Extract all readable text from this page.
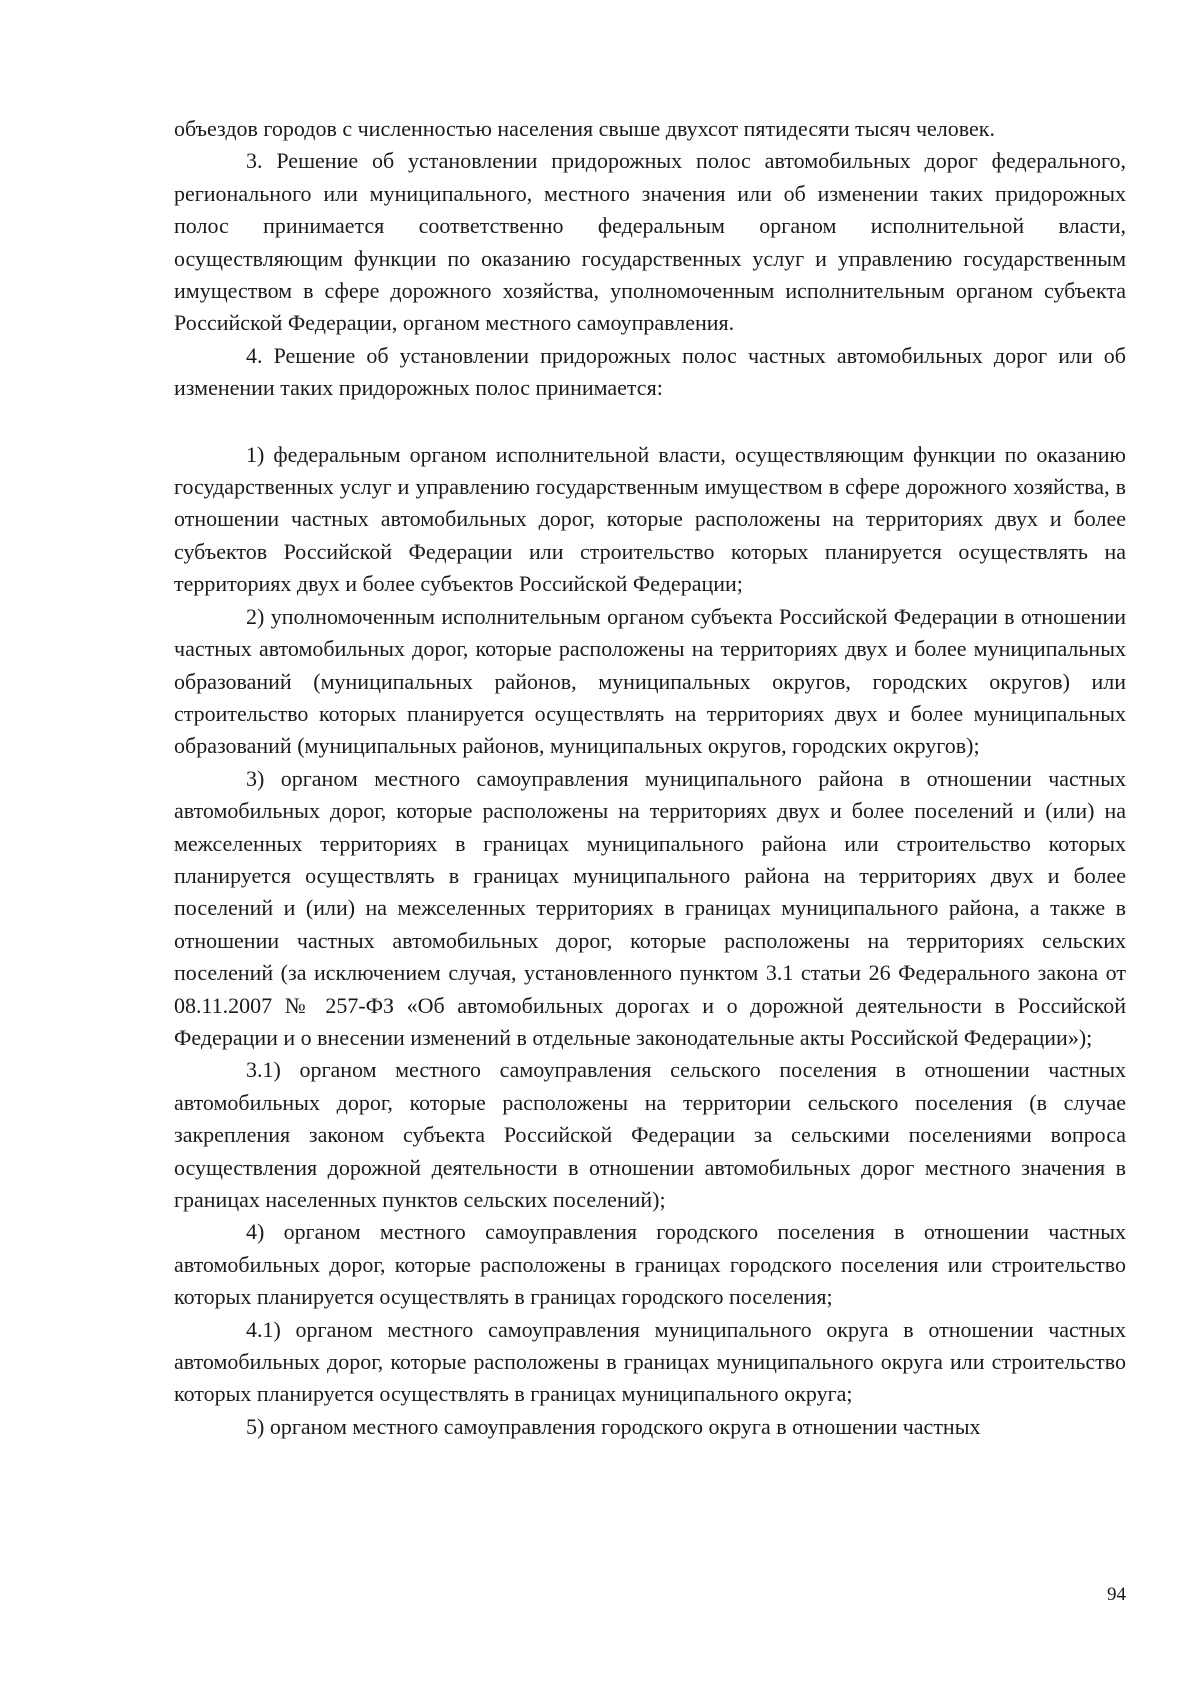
объездов городов с численностью населения свыше двухсот пятидесяти тысяч человек.

3. Решение об установлении придорожных полос автомобильных дорог федерального, регионального или муниципального, местного значения или об изменении таких придорожных полос принимается соответственно федеральным органом исполнительной власти, осуществляющим функции по оказанию государственных услуг и управлению государственным имуществом в сфере дорожного хозяйства, уполномоченным исполнительным органом субъекта Российской Федерации, органом местного самоуправления.

4. Решение об установлении придорожных полос частных автомобильных дорог или об изменении таких придорожных полос принимается:

1) федеральным органом исполнительной власти, осуществляющим функции по оказанию государственных услуг и управлению государственным имуществом в сфере дорожного хозяйства, в отношении частных автомобильных дорог, которые расположены на территориях двух и более субъектов Российской Федерации или строительство которых планируется осуществлять на территориях двух и более субъектов Российской Федерации;

2) уполномоченным исполнительным органом субъекта Российской Федерации в отношении частных автомобильных дорог, которые расположены на территориях двух и более муниципальных образований (муниципальных районов, муниципальных округов, городских округов) или строительство которых планируется осуществлять на территориях двух и более муниципальных образований (муниципальных районов, муниципальных округов, городских округов);

3) органом местного самоуправления муниципального района в отношении частных автомобильных дорог, которые расположены на территориях двух и более поселений и (или) на межселенных территориях в границах муниципального района или строительство которых планируется осуществлять в границах муниципального района на территориях двух и более поселений и (или) на межселенных территориях в границах муниципального района, а также в отношении частных автомобильных дорог, которые расположены на территориях сельских поселений (за исключением случая, установленного пунктом 3.1 статьи 26 Федерального закона от 08.11.2007 № 257-ФЗ «Об автомобильных дорогах и о дорожной деятельности в Российской Федерации и о внесении изменений в отдельные законодательные акты Российской Федерации»);

3.1) органом местного самоуправления сельского поселения в отношении частных автомобильных дорог, которые расположены на территории сельского поселения (в случае закрепления законом субъекта Российской Федерации за сельскими поселениями вопроса осуществления дорожной деятельности в отношении автомобильных дорог местного значения в границах населенных пунктов сельских поселений);

4) органом местного самоуправления городского поселения в отношении частных автомобильных дорог, которые расположены в границах городского поселения или строительство которых планируется осуществлять в границах городского поселения;

4.1) органом местного самоуправления муниципального округа в отношении частных автомобильных дорог, которые расположены в границах муниципального округа или строительство которых планируется осуществлять в границах муниципального округа;

5) органом местного самоуправления городского округа в отношении частных

94
